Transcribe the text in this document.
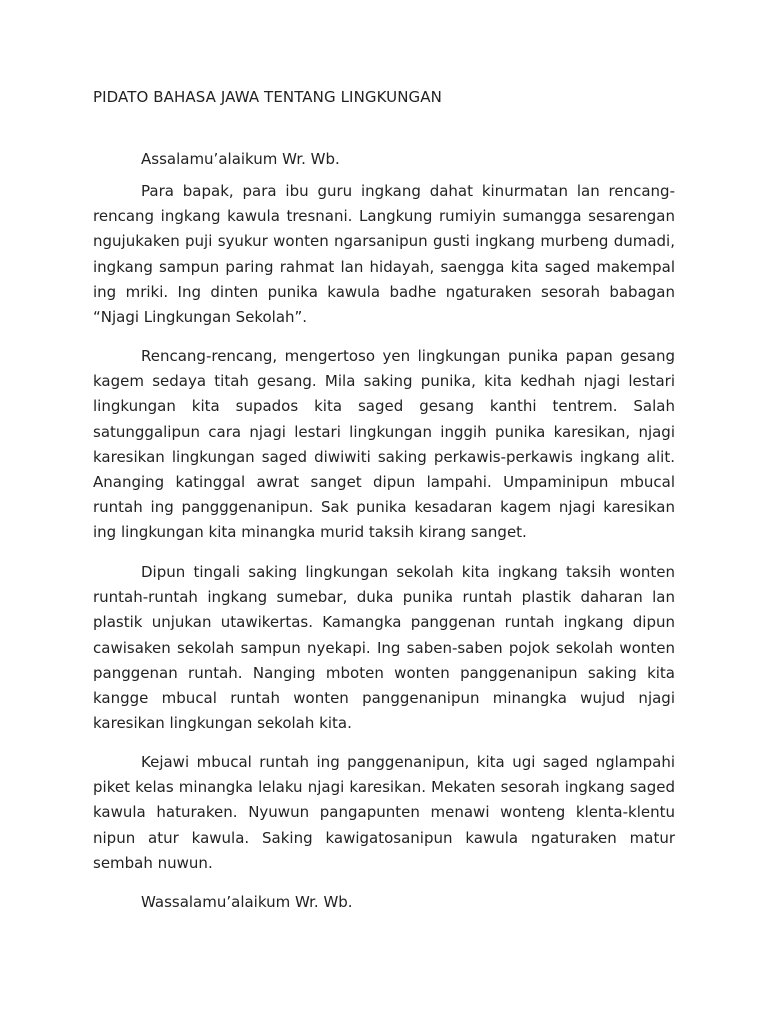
PIDATO BAHASA JAWA TENTANG LINGKUNGAN

Assalamu’alaikum Wr. Wb.

Para bapak, para ibu guru ingkang dahat kinurmatan lan rencang-rencang ingkang kawula tresnani. Langkung rumiyin sumangga sesarengan ngujukaken puji syukur wonten ngarsanipun gusti ingkang murbeng dumadi, ingkang sampun paring rahmat lan hidayah, saengga kita saged makempal ing mriki. Ing dinten punika kawula badhe ngaturaken sesorah babagan “Njagi Lingkungan Sekolah”.

Rencang-rencang, mengertoso yen lingkungan punika papan gesang kagem sedaya titah gesang. Mila saking punika, kita kedhah njagi lestari lingkungan kita supados kita saged gesang kanthi tentrem. Salah satunggalipun cara njagi lestari lingkungan inggih punika karesikan, njagi karesikan lingkungan saged diwiwiti saking perkawis-perkawis ingkang alit. Ananging katinggal awrat sanget dipun lampahi. Umpaminipun mbucal runtah ing pangggenanipun. Sak punika kesadaran kagem njagi karesikan ing lingkungan kita minangka murid taksih kirang sanget.

Dipun tingali saking lingkungan sekolah kita ingkang taksih wonten runtah-runtah ingkang sumebar, duka punika runtah plastik daharan lan plastik unjukan utawikertas. Kamangka panggenan runtah ingkang dipun cawisaken sekolah sampun nyekapi. Ing saben-saben pojok sekolah wonten panggenan runtah. Nanging mboten wonten panggenanipun saking kita kangge mbucal runtah wonten panggenanipun minangka wujud njagi karesikan lingkungan sekolah kita.

Kejawi mbucal runtah ing panggenanipun, kita ugi saged nglampahi piket kelas minangka lelaku njagi karesikan. Mekaten sesorah ingkang saged kawula haturaken. Nyuwun pangapunten menawi wonteng klenta-klentu nipun atur kawula. Saking kawigatosanipun kawula ngaturaken matur sembah nuwun.

Wassalamu’alaikum Wr. Wb.
